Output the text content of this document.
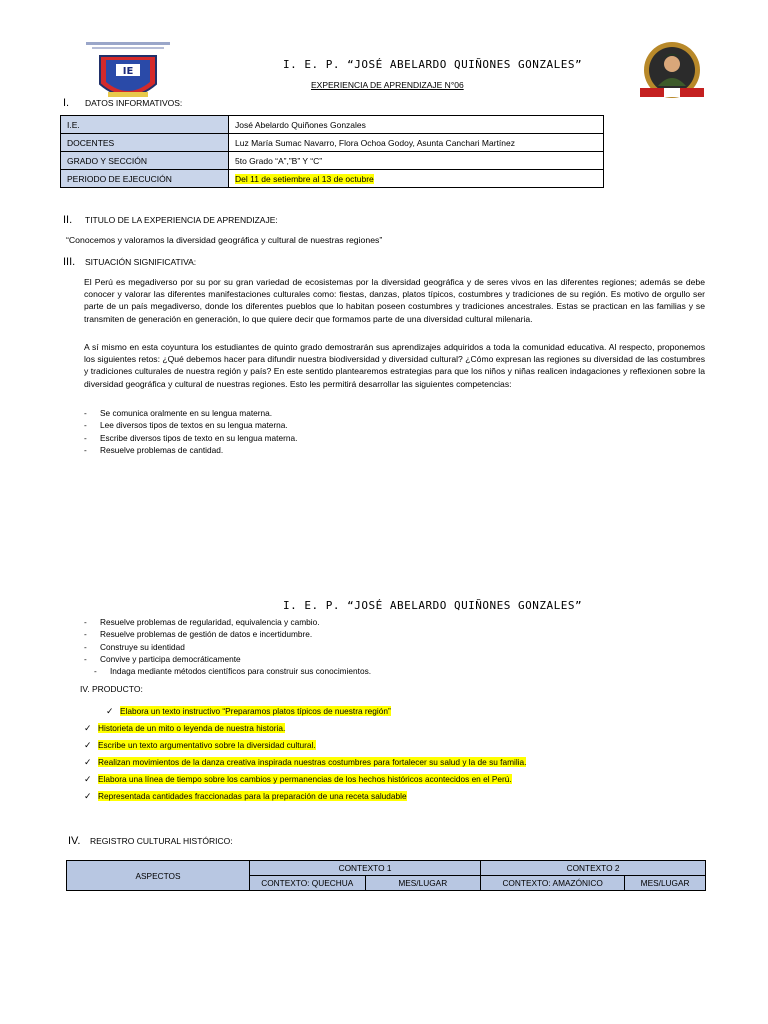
IE
I. E. P. “JOSÉ ABELARDO QUIÑONES GONZALES”
EXPERIENCIA DE APRENDIZAJE N°06
I. DATOS INFORMATIVOS:
I.E.	José Abelardo Quiñones Gonzales
DOCENTES	Luz María Sumac Navarro, Flora Ochoa Godoy, Asunta Canchari Martínez
GRADO Y SECCIÓN	5to Grado “A”,”B” Y “C”
PERIODO DE EJECUCIÓN	Del 11 de setiembre al 13 de octubre
II. TITULO DE LA EXPERIENCIA DE APRENDIZAJE:
“Conocemos y valoramos la diversidad geográfica y cultural de nuestras regiones”
III. SITUACIÓN SIGNIFICATIVA:
El Perú es megadiverso por su por su gran variedad de ecosistemas por la diversidad geográfica y de seres vivos en las diferentes regiones; además se debe conocer y valorar las diferentes manifestaciones culturales como: fiestas, danzas, platos típicos, costumbres y tradiciones de su región. Es motivo de orgullo ser parte de un país megadiverso, donde los diferentes pueblos que lo habitan poseen costumbres y tradiciones ancestrales. Estas se practican en las familias y se transmiten de generación en generación, lo que quiere decir que formamos parte de una diversidad cultural milenaria.
A sí mismo en esta coyuntura los estudiantes de quinto grado demostrarán sus aprendizajes adquiridos a toda la comunidad educativa. Al respecto, proponemos los siguientes retos: ¿Qué debemos hacer para difundir nuestra biodiversidad y diversidad cultural? ¿Cómo expresan las regiones su diversidad de las costumbres y tradiciones culturales de nuestra región y país? En este sentido plantearemos estrategias para que los niños y niñas realicen indagaciones y reflexionen sobre la diversidad geográfica y cultural de nuestras regiones. Esto les permitirá desarrollar las siguientes competencias:
- Se comunica oralmente en su lengua materna.
- Lee diversos tipos de textos en su lengua materna.
- Escribe diversos tipos de texto en su lengua materna.
- Resuelve problemas de cantidad.
I. E. P. “JOSÉ ABELARDO QUIÑONES GONZALES”
- Resuelve problemas de regularidad, equivalencia y cambio.
- Resuelve problemas de gestión de datos e incertidumbre.
- Construye su identidad
- Convive y participa democráticamente
- Indaga mediante métodos científicos para construir sus conocimientos.
IV. PRODUCTO:
✓ Elabora un texto instructivo “Preparamos platos típicos de nuestra región”
✓ Historieta de un mito o leyenda de nuestra historia.
✓ Escribe un texto argumentativo sobre la diversidad cultural.
✓ Realizan movimientos de la danza creativa inspirada nuestras costumbres para fortalecer su salud y la de su familia.
✓ Elabora una línea de tiempo sobre los cambios y permanencias de los hechos históricos acontecidos en el Perú.
✓ Representada cantidades fraccionadas para la preparación de una receta saludable
IV. REGISTRO CULTURAL HISTÓRICO:
ASPECTOS	CONTEXTO 1		CONTEXTO 2	
	CONTEXTO: QUECHUA	MES/LUGAR	CONTEXTO: AMAZÓNICO	MES/LUGAR
